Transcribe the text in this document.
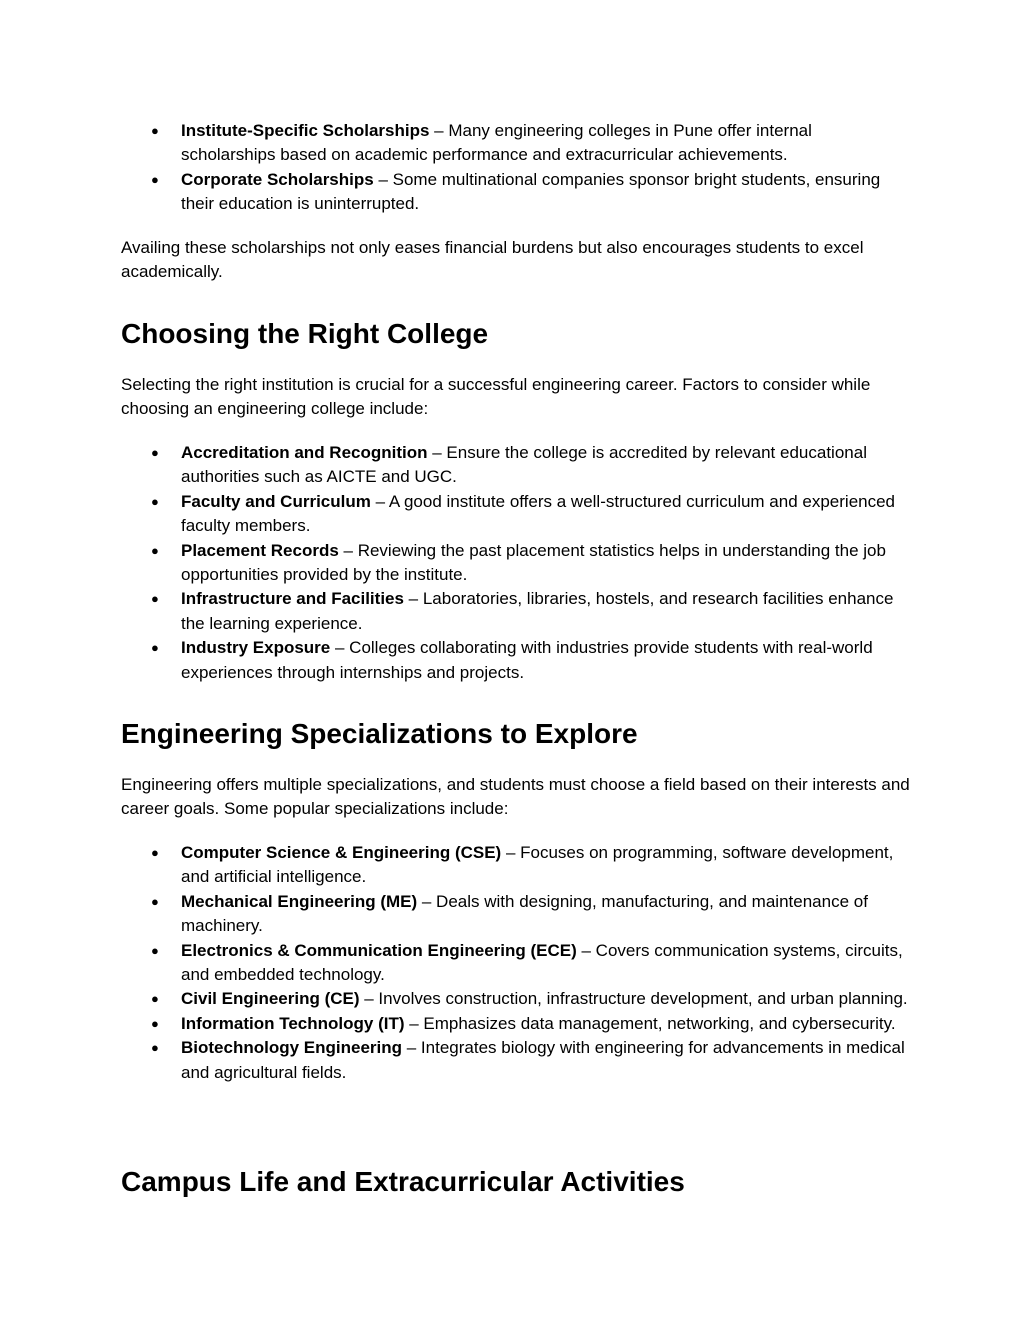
● Institute-Specific Scholarships – Many engineering colleges in Pune offer internal scholarships based on academic performance and extracurricular achievements.
● Corporate Scholarships – Some multinational companies sponsor bright students, ensuring their education is uninterrupted.

Availing these scholarships not only eases financial burdens but also encourages students to excel academically.

Choosing the Right College

Selecting the right institution is crucial for a successful engineering career. Factors to consider while choosing an engineering college include:

● Accreditation and Recognition – Ensure the college is accredited by relevant educational authorities such as AICTE and UGC.
● Faculty and Curriculum – A good institute offers a well-structured curriculum and experienced faculty members.
● Placement Records – Reviewing the past placement statistics helps in understanding the job opportunities provided by the institute.
● Infrastructure and Facilities – Laboratories, libraries, hostels, and research facilities enhance the learning experience.
● Industry Exposure – Colleges collaborating with industries provide students with real-world experiences through internships and projects.
Engineering Specializations to Explore

Engineering offers multiple specializations, and students must choose a field based on their interests and career goals. Some popular specializations include:

● Computer Science & Engineering (CSE) – Focuses on programming, software development, and artificial intelligence.
● Mechanical Engineering (ME) – Deals with designing, manufacturing, and maintenance of machinery.
● Electronics & Communication Engineering (ECE) – Covers communication systems, circuits, and embedded technology.
● Civil Engineering (CE) – Involves construction, infrastructure development, and urban planning.
● Information Technology (IT) – Emphasizes data management, networking, and cybersecurity.
● Biotechnology Engineering – Integrates biology with engineering for advancements in medical and agricultural fields.
Campus Life and Extracurricular Activities
